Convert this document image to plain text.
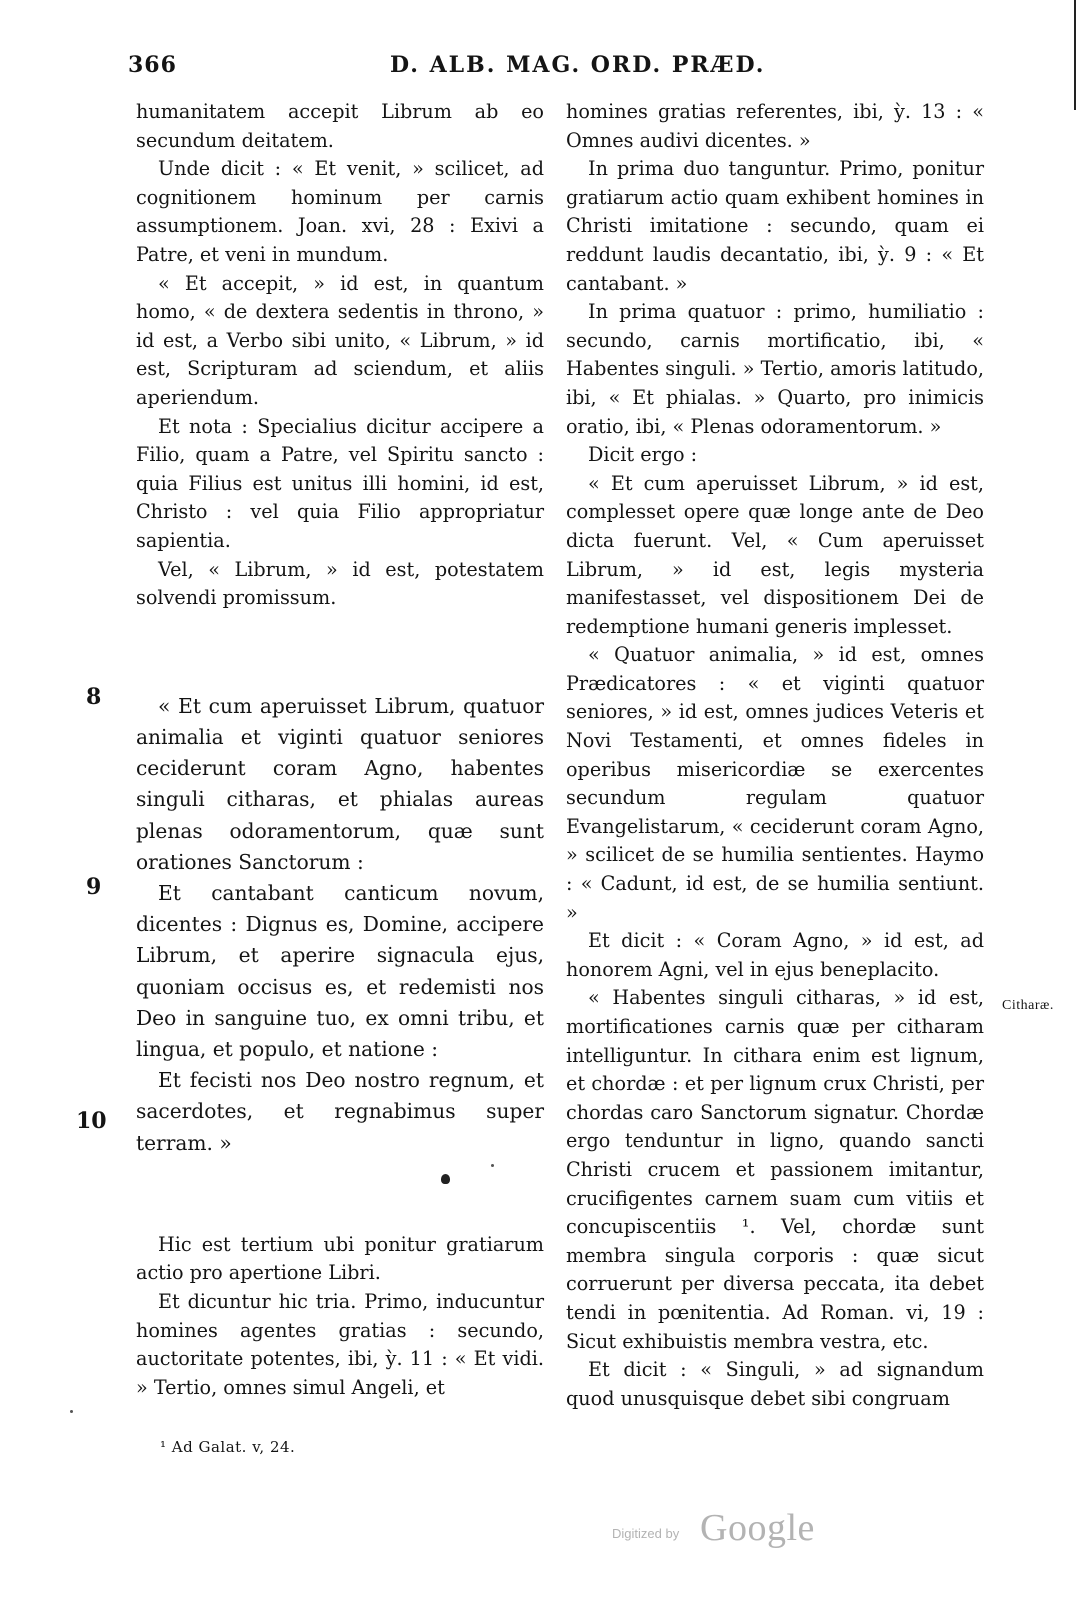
366	D. ALB. MAG. ORD. PRÆD.

humanitatem accepit Librum ab eo secundum deitatem.

Unde dicit : « Et venit, » scilicet, ad cognitionem hominum per carnis assumptionem. Joan. xvi, 28 : Exivi a Patre, et veni in mundum.

« Et accepit, » id est, in quantum homo, « de dextera sedentis in throno, » id est, a Verbo sibi unito, « Librum, » id est, Scripturam ad sciendum, et aliis aperiendum.

Et nota : Specialius dicitur accipere a Filio, quam a Patre, vel Spiritu sancto : quia Filius est unitus illi homini, id est, Christo : vel quia Filio appropriatur sapientia.

Vel, « Librum, » id est, potestatem solvendi promissum.

« Et cum aperuisset Librum, quatuor animalia et viginti quatuor seniores ceciderunt coram Agno, habentes singuli citharas, et phialas aureas plenas odoramentorum, quæ sunt orationes Sanctorum :

Et cantabant canticum novum, dicentes : Dignus es, Domine, accipere Librum, et aperire signacula ejus, quoniam occisus es, et redemisti nos Deo in sanguine tuo, ex omni tribu, et lingua, et populo, et natione :

Et fecisti nos Deo nostro regnum, et sacerdotes, et regnabimus super terram. »

Hic est tertium ubi ponitur gratiarum actio pro apertione Libri.

Et dicuntur hic tria. Primo, inducuntur homines agentes gratias : secundo, auctoritate potentes, ibi, ỳ. 11 : « Et vidi. » Tertio, omnes simul Angeli, et

8
9
10

homines gratias referentes, ibi, ỳ. 13 : « Omnes audivi dicentes. »

In prima duo tanguntur. Primo, ponitur gratiarum actio quam exhibent homines in Christi imitatione : secundo, quam ei reddunt laudis decantatio, ibi, ỳ. 9 : « Et cantabant. »

In prima quatuor : primo, humiliatio : secundo, carnis mortificatio, ibi, « Habentes singuli. » Tertio, amoris latitudo, ibi, « Et phialas. » Quarto, pro inimicis oratio, ibi, « Plenas odoramentorum. »

Dicit ergo :

« Et cum aperuisset Librum, » id est, complesset opere quæ longe ante de Deo dicta fuerunt. Vel, « Cum aperuisset Librum, » id est, legis mysteria manifestasset, vel dispositionem Dei de redemptione humani generis implesset.

« Quatuor animalia, » id est, omnes Prædicatores : « et viginti quatuor seniores, » id est, omnes judices Veteris et Novi Testamenti, et omnes fideles in operibus misericordiæ se exercentes secundum regulam quatuor Evangelistarum, « ceciderunt coram Agno, » scilicet de se humilia sentientes. Haymo : « Cadunt, id est, de se humilia sentiunt. »

Et dicit : « Coram Agno, » id est, ad honorem Agni, vel in ejus beneplacito.

« Habentes singuli citharas, » id est, mortificationes carnis quæ per citharam intelliguntur. In cithara enim est lignum, et chordæ : et per lignum crux Christi, per chordas caro Sanctorum signatur. Chordæ ergo tenduntur in ligno, quando sancti Christi crucem et passionem imitantur, crucifigentes carnem suam cum vitiis et concupiscentiis ¹. Vel, chordæ sunt membra singula corporis : quæ sicut corruerunt per diversa peccata, ita debet tendi in pœnitentia. Ad Roman. vi, 19 : Sicut exhibuistis membra vestra, etc.

Et dicit : « Singuli, » ad signandum quod unusquisque debet sibi congruam

Citharæ.
¹ Ad Galat. v, 24.
Digitized by Google
